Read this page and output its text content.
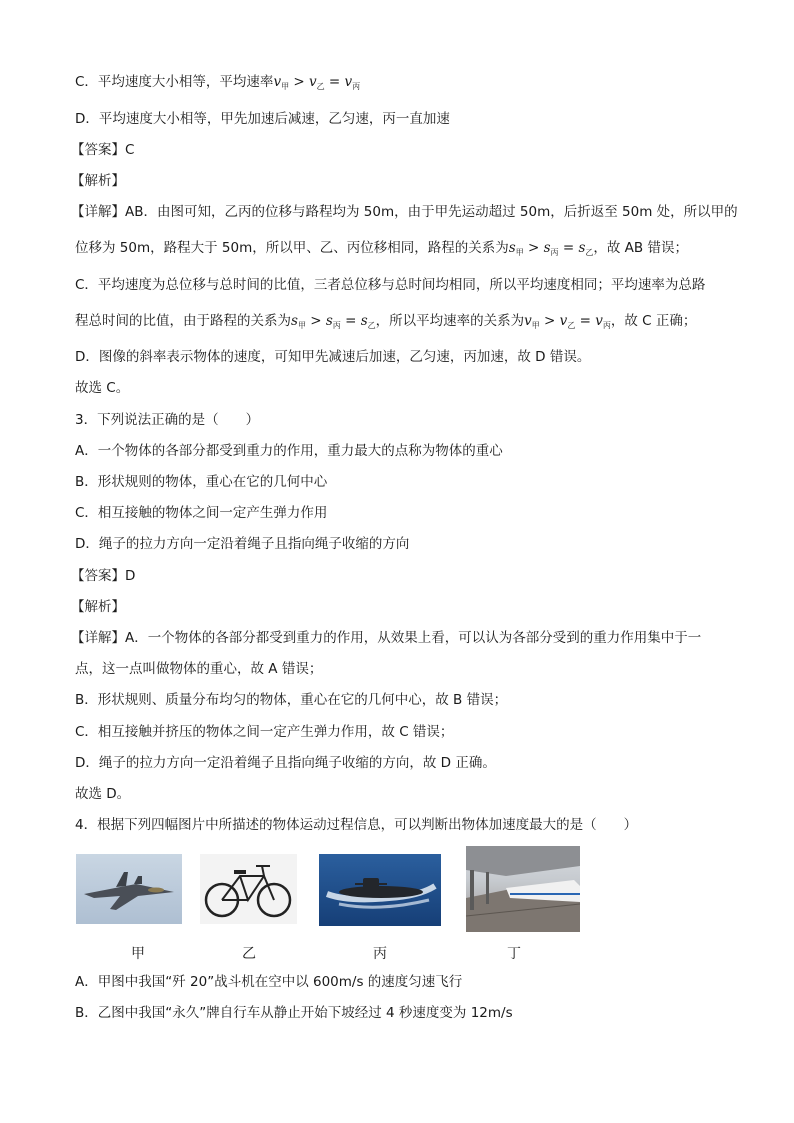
C．平均速度大小相等，平均速率$v_甲 > v_乙 = v_丙$
D．平均速度大小相等，甲先加速后减速，乙匀速，丙一直加速
【答案】C
【解析】
【详解】AB．由图可知，乙丙的位移与路程均为 50m，由于甲先运动超过 50m，后折返至 50m 处，所以甲的
位移为 50m，路程大于 50m，所以甲、乙、丙位移相同，路程的关系为$s_甲 > s_丙 = s_乙$，故 AB 错误；
C．平均速度为总位移与总时间的比值，三者总位移与总时间均相同，所以平均速度相同；平均速率为总路
程总时间的比值，由于路程的关系为$s_甲 > s_丙 = s_乙$，所以平均速率的关系为$v_甲 > v_乙 = v_丙$，故 C 正确；
D．图像的斜率表示物体的速度，可知甲先减速后加速，乙匀速，丙加速，故 D 错误。
故选 C。
3．下列说法正确的是（　　）
A．一个物体的各部分都受到重力的作用，重力最大的点称为物体的重心
B．形状规则的物体，重心在它的几何中心
C．相互接触的物体之间一定产生弹力作用
D．绳子的拉力方向一定沿着绳子且指向绳子收缩的方向
【答案】D
【解析】
【详解】A．一个物体的各部分都受到重力的作用，从效果上看，可以认为各部分受到的重力作用集中于一
点，这一点叫做物体的重心，故 A 错误；
B．形状规则、质量分布均匀的物体，重心在它的几何中心，故 B 错误；
C．相互接触并挤压的物体之间一定产生弹力作用，故 C 错误；
D．绳子的拉力方向一定沿着绳子且指向绳子收缩的方向，故 D 正确。
故选 D。
4．根据下列四幅图片中所描述的物体运动过程信息，可以判断出物体加速度最大的是（　　）
甲	乙	丙	丁
A．甲图中我国“歼 20”战斗机在空中以 600m/s 的速度匀速飞行
B．乙图中我国“永久”牌自行车从静止开始下坡经过 4 秒速度变为 12m/s
